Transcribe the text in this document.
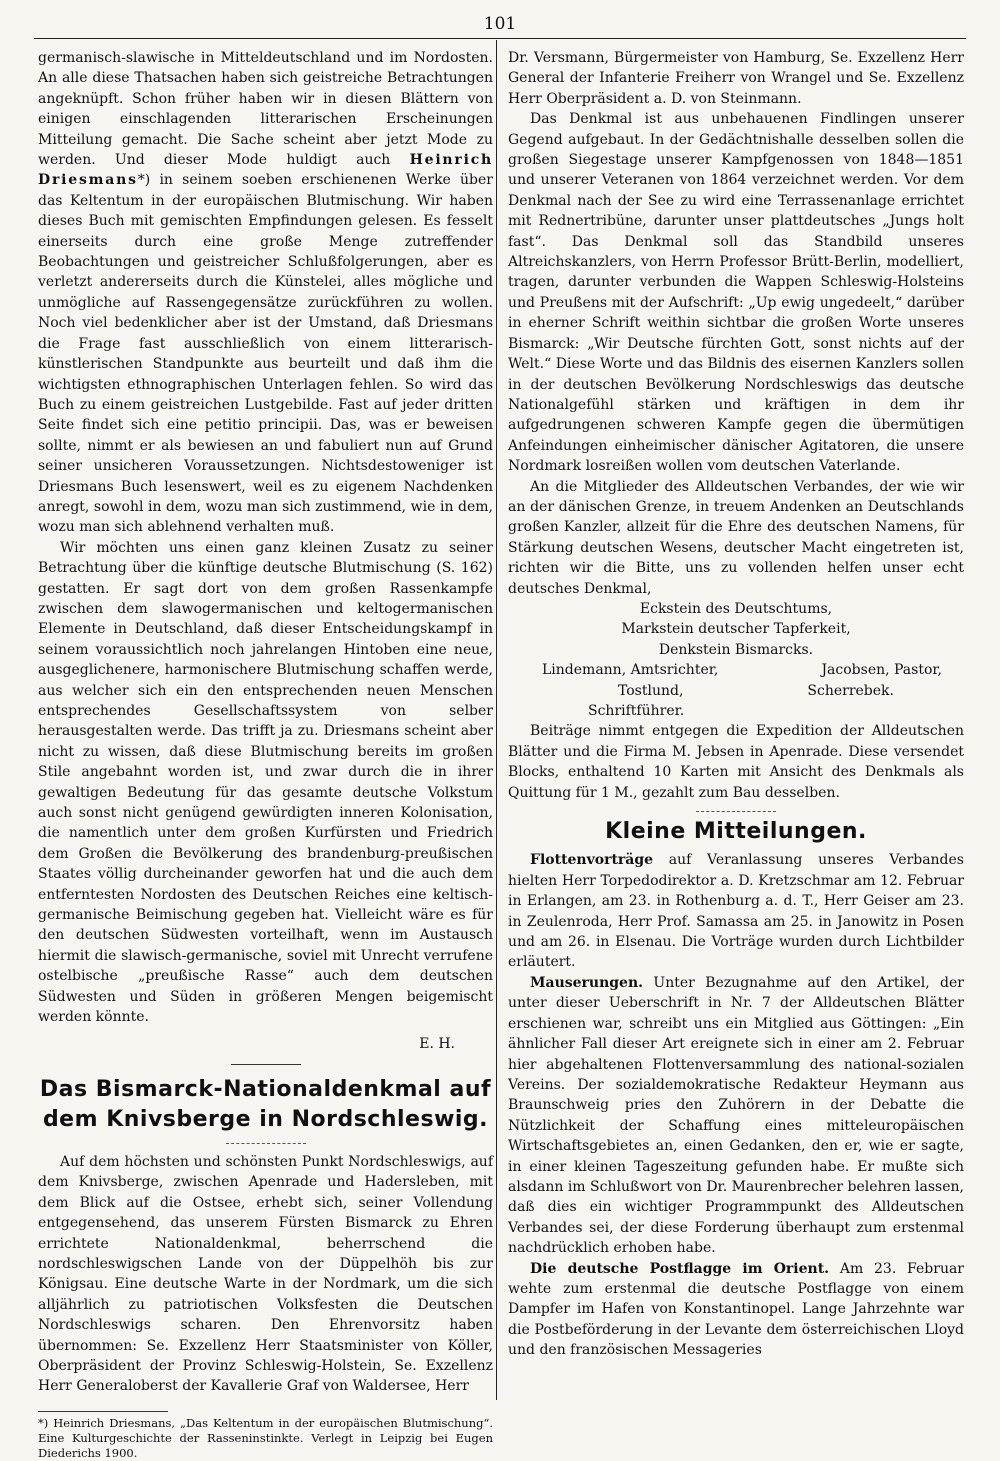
101

germanisch-slawische in Mitteldeutschland und im Nordosten. An alle diese Thatsachen haben sich geistreiche Betrachtungen angeknüpft. Schon früher haben wir in diesen Blättern von einigen einschlagenden litterarischen Erscheinungen Mitteilung gemacht. Die Sache scheint aber jetzt Mode zu werden. Und dieser Mode huldigt auch Heinrich Driesmans*) in seinem soeben erschienenen Werke über das Keltentum in der europäischen Blutmischung. Wir haben dieses Buch mit gemischten Empfindungen gelesen. Es fesselt einerseits durch eine große Menge zutreffender Beobachtungen und geistreicher Schlußfolgerungen, aber es verletzt andererseits durch die Künstelei, alles mögliche und unmögliche auf Rassengegensätze zurückführen zu wollen. Noch viel bedenklicher aber ist der Umstand, daß Driesmans die Frage fast ausschließlich von einem litterarisch-künstlerischen Standpunkte aus beurteilt und daß ihm die wichtigsten ethnographischen Unterlagen fehlen. So wird das Buch zu einem geistreichen Lustgebilde. Fast auf jeder dritten Seite findet sich eine petitio principii. Das, was er beweisen sollte, nimmt er als bewiesen an und fabuliert nun auf Grund seiner unsicheren Voraussetzungen. Nichtsdestoweniger ist Driesmans Buch lesenswert, weil es zu eigenem Nachdenken anregt, sowohl in dem, wozu man sich zustimmend, wie in dem, wozu man sich ablehnend verhalten muß.

Wir möchten uns einen ganz kleinen Zusatz zu seiner Betrachtung über die künftige deutsche Blutmischung (S. 162) gestatten. Er sagt dort von dem großen Rassenkampfe zwischen dem slawogermanischen und keltogermanischen Elemente in Deutschland, daß dieser Entscheidungskampf in seinem voraussichtlich noch jahrelangen Hintoben eine neue, ausgeglichenere, harmonischere Blutmischung schaffen werde, aus welcher sich ein den entsprechenden neuen Menschen entsprechendes Gesellschaftssystem von selber herausgestalten werde. Das trifft ja zu. Driesmans scheint aber nicht zu wissen, daß diese Blutmischung bereits im großen Stile angebahnt worden ist, und zwar durch die in ihrer gewaltigen Bedeutung für das gesamte deutsche Volkstum auch sonst nicht genügend gewürdigten inneren Kolonisation, die namentlich unter dem großen Kurfürsten und Friedrich dem Großen die Bevölkerung des brandenburg-preußischen Staates völlig durcheinander geworfen hat und die auch dem entferntesten Nordosten des Deutschen Reiches eine keltisch-germanische Beimischung gegeben hat. Vielleicht wäre es für den deutschen Südwesten vorteilhaft, wenn im Austausch hiermit die slawisch-germanische, soviel mit Unrecht verrufene ostelbische „preußische Rasse“ auch dem deutschen Südwesten und Süden in größeren Mengen beigemischt werden könnte.

E. H.
Das Bismarck-Nationaldenkmal auf dem Knivsberge in Nordschleswig.

Auf dem höchsten und schönsten Punkt Nordschleswigs, auf dem Knivsberge, zwischen Apenrade und Hadersleben, mit dem Blick auf die Ostsee, erhebt sich, seiner Vollendung entgegensehend, das unserem Fürsten Bismarck zu Ehren errichtete Nationaldenkmal, beherrschend die nordschleswigschen Lande von der Düppelhöh bis zur Königsau. Eine deutsche Warte in der Nordmark, um die sich alljährlich zu patriotischen Volksfesten die Deutschen Nordschleswigs scharen. Den Ehrenvorsitz haben übernommen: Se. Exzellenz Herr Staatsminister von Köller, Oberpräsident der Provinz Schleswig-Holstein, Se. Exzellenz Herr Generaloberst der Kavallerie Graf von Waldersee, Herr

*) Heinrich Driesmans, „Das Keltentum in der europäischen Blutmischung“. Eine Kulturgeschichte der Rasseninstinkte. Verlegt in Leipzig bei Eugen Diederichs 1900.

Dr. Versmann, Bürgermeister von Hamburg, Se. Exzellenz Herr General der Infanterie Freiherr von Wrangel und Se. Exzellenz Herr Oberpräsident a. D. von Steinmann.

Das Denkmal ist aus unbehauenen Findlingen unserer Gegend aufgebaut. In der Gedächtnishalle desselben sollen die großen Siegestage unserer Kampfgenossen von 1848—1851 und unserer Veteranen von 1864 verzeichnet werden. Vor dem Denkmal nach der See zu wird eine Terrassenanlage errichtet mit Rednertribüne, darunter unser plattdeutsches „Jungs holt fast“. Das Denkmal soll das Standbild unseres Altreichskanzlers, von Herrn Professor Brütt-Berlin, modelliert, tragen, darunter verbunden die Wappen Schleswig-Holsteins und Preußens mit der Aufschrift: „Up ewig ungedeelt,“ darüber in eherner Schrift weithin sichtbar die großen Worte unseres Bismarck: „Wir Deutsche fürchten Gott, sonst nichts auf der Welt.“ Diese Worte und das Bildnis des eisernen Kanzlers sollen in der deutschen Bevölkerung Nordschleswigs das deutsche Nationalgefühl stärken und kräftigen in dem ihr aufgedrungenen schweren Kampfe gegen die übermütigen Anfeindungen einheimischer dänischer Agitatoren, die unsere Nordmark losreißen wollen vom deutschen Vaterlande.

An die Mitglieder des Alldeutschen Verbandes, der wie wir an der dänischen Grenze, in treuem Andenken an Deutschlands großen Kanzler, allzeit für die Ehre des deutschen Namens, für Stärkung deutschen Wesens, deutscher Macht eingetreten ist, richten wir die Bitte, uns zu vollenden helfen unser echt deutsches Denkmal,

Eckstein des Deutschtums,
Markstein deutscher Tapferkeit,
Denkstein Bismarcks.
Lindemann, Amtsrichter,	Jacobsen, Pastor,
Tostlund,	Scherrebek.
Schriftführer.

Beiträge nimmt entgegen die Expedition der Alldeutschen Blätter und die Firma M. Jebsen in Apenrade. Diese versendet Blocks, enthaltend 10 Karten mit Ansicht des Denkmals als Quittung für 1 M., gezahlt zum Bau desselben.

Kleine Mitteilungen.

Flottenvorträge auf Veranlassung unseres Verbandes hielten Herr Torpedodirektor a. D. Kretzschmar am 12. Februar in Erlangen, am 23. in Rothenburg a. d. T., Herr Geiser am 23. in Zeulenroda, Herr Prof. Samassa am 25. in Janowitz in Posen und am 26. in Elsenau. Die Vorträge wurden durch Lichtbilder erläutert.

Mauserungen. Unter Bezugnahme auf den Artikel, der unter dieser Ueberschrift in Nr. 7 der Alldeutschen Blätter erschienen war, schreibt uns ein Mitglied aus Göttingen: „Ein ähnlicher Fall dieser Art ereignete sich in einer am 2. Februar hier abgehaltenen Flottenversammlung des national-sozialen Vereins. Der sozialdemokratische Redakteur Heymann aus Braunschweig pries den Zuhörern in der Debatte die Nützlichkeit der Schaffung eines mitteleuropäischen Wirtschaftsgebietes an, einen Gedanken, den er, wie er sagte, in einer kleinen Tageszeitung gefunden habe. Er mußte sich alsdann im Schlußwort von Dr. Maurenbrecher belehren lassen, daß dies ein wichtiger Programmpunkt des Alldeutschen Verbandes sei, der diese Forderung überhaupt zum erstenmal nachdrücklich erhoben habe.

Die deutsche Postflagge im Orient. Am 23. Februar wehte zum erstenmal die deutsche Postflagge von einem Dampfer im Hafen von Konstantinopel. Lange Jahrzehnte war die Postbeförderung in der Levante dem österreichischen Lloyd und den französischen Messageries
